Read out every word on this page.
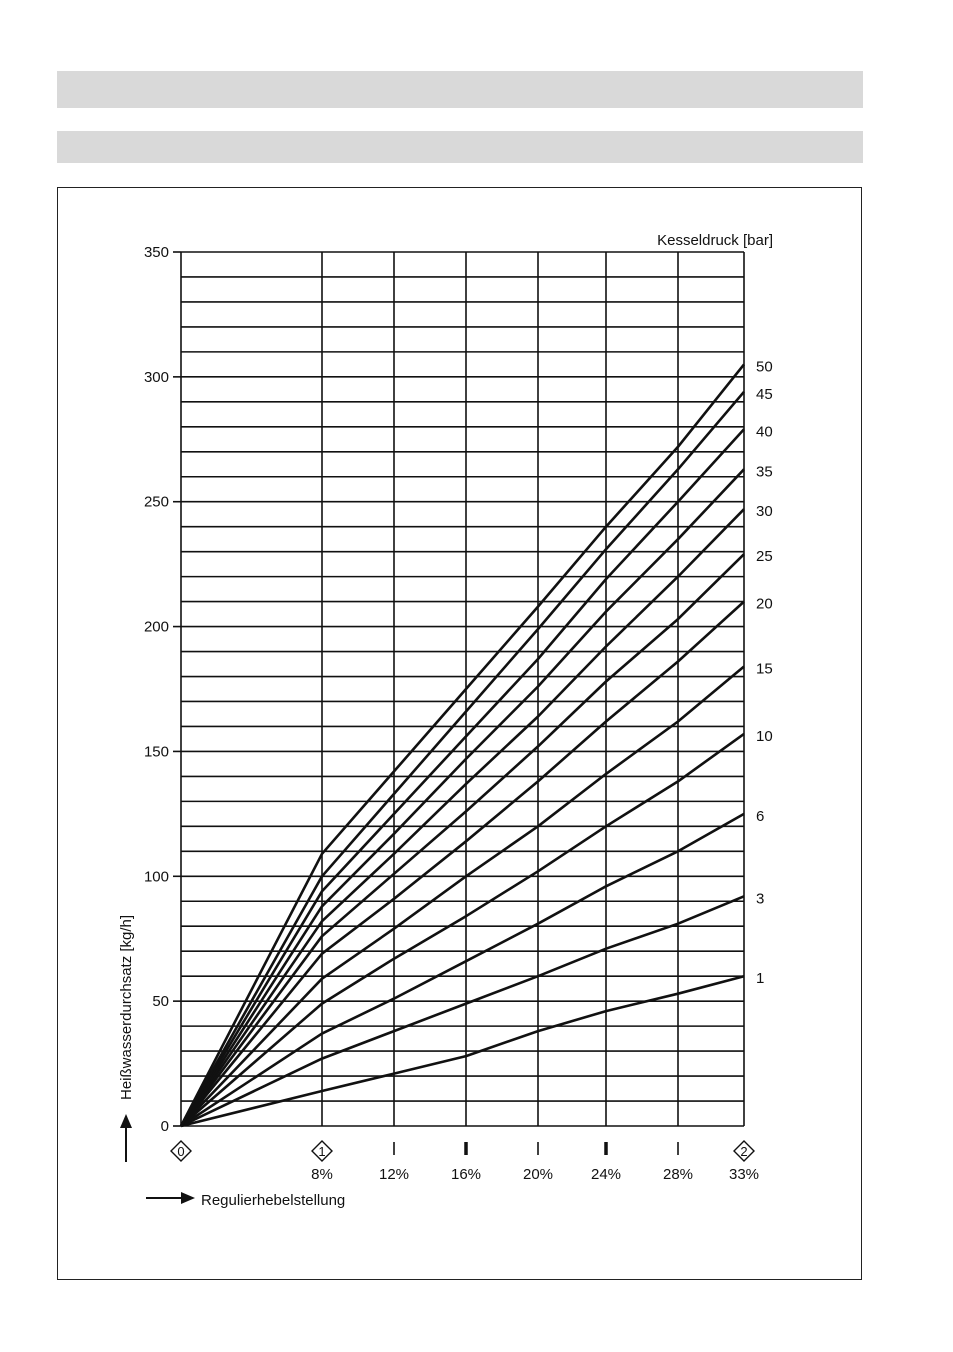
0
50
100
150
200
250
300
350
0	1
8%	12%	16%	20%	24%	28%
2
33%
1
3
6
10
15
20
25
30
35
40
45
50
Kesseldruck [bar]
Heißwasserdurchsatz [kg/h]
Regulierhebelstellung
